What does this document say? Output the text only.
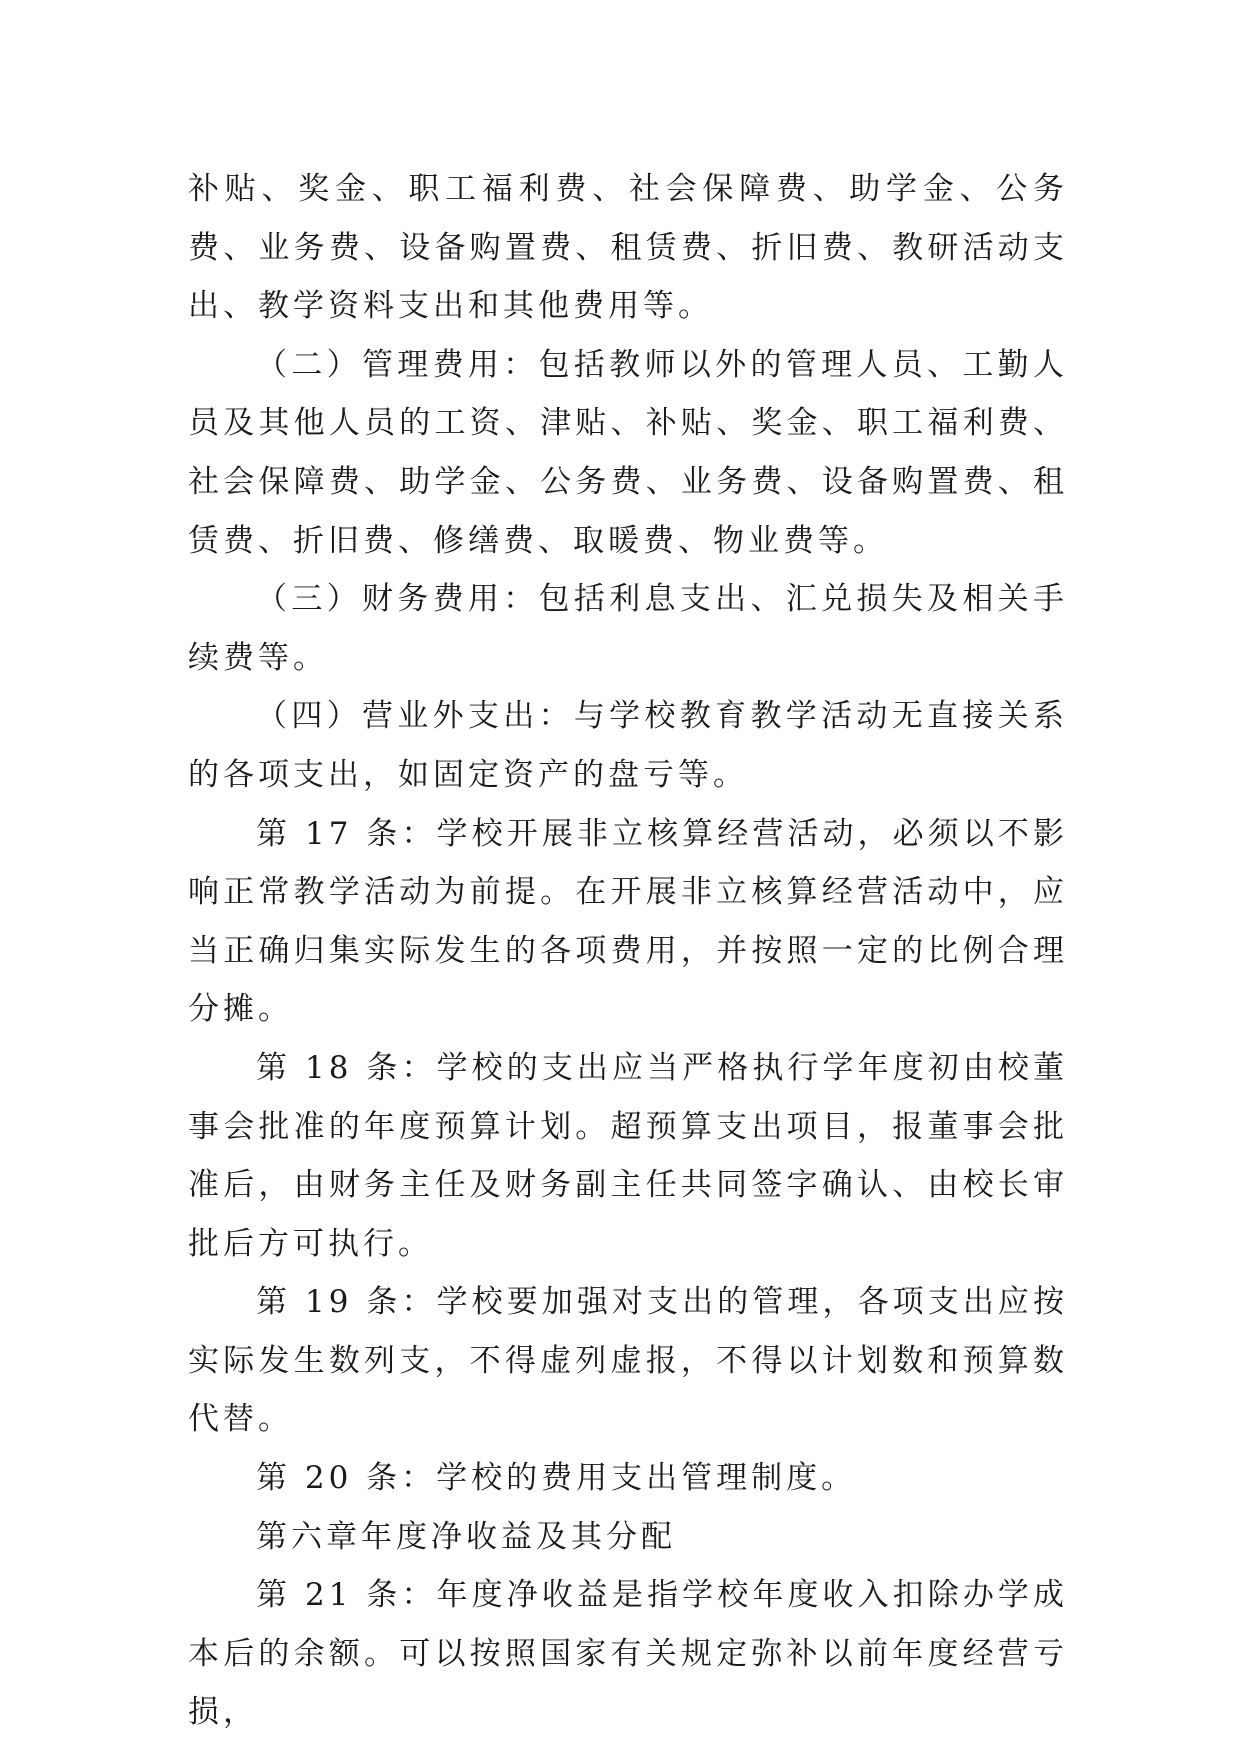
补贴、奖金、职工福利费、社会保障费、助学金、公务费、业务费、设备购置费、租赁费、折旧费、教研活动支出、教学资料支出和其他费用等。

（二）管理费用：包括教师以外的管理人员、工勤人员及其他人员的工资、津贴、补贴、奖金、职工福利费、社会保障费、助学金、公务费、业务费、设备购置费、租赁费、折旧费、修缮费、取暖费、物业费等。

（三）财务费用：包括利息支出、汇兑损失及相关手续费等。

（四）营业外支出：与学校教育教学活动无直接关系的各项支出，如固定资产的盘亏等。

第 17 条：学校开展非立核算经营活动，必须以不影响正常教学活动为前提。在开展非立核算经营活动中，应当正确归集实际发生的各项费用，并按照一定的比例合理分摊。

第 18 条：学校的支出应当严格执行学年度初由校董事会批准的年度预算计划。超预算支出项目，报董事会批准后，由财务主任及财务副主任共同签字确认、由校长审批后方可执行。

第 19 条：学校要加强对支出的管理，各项支出应按实际发生数列支，不得虚列虚报，不得以计划数和预算数代替。

第 20 条：学校的费用支出管理制度。

第六章年度净收益及其分配

第 21 条：年度净收益是指学校年度收入扣除办学成本后的余额。可以按照国家有关规定弥补以前年度经营亏损，
